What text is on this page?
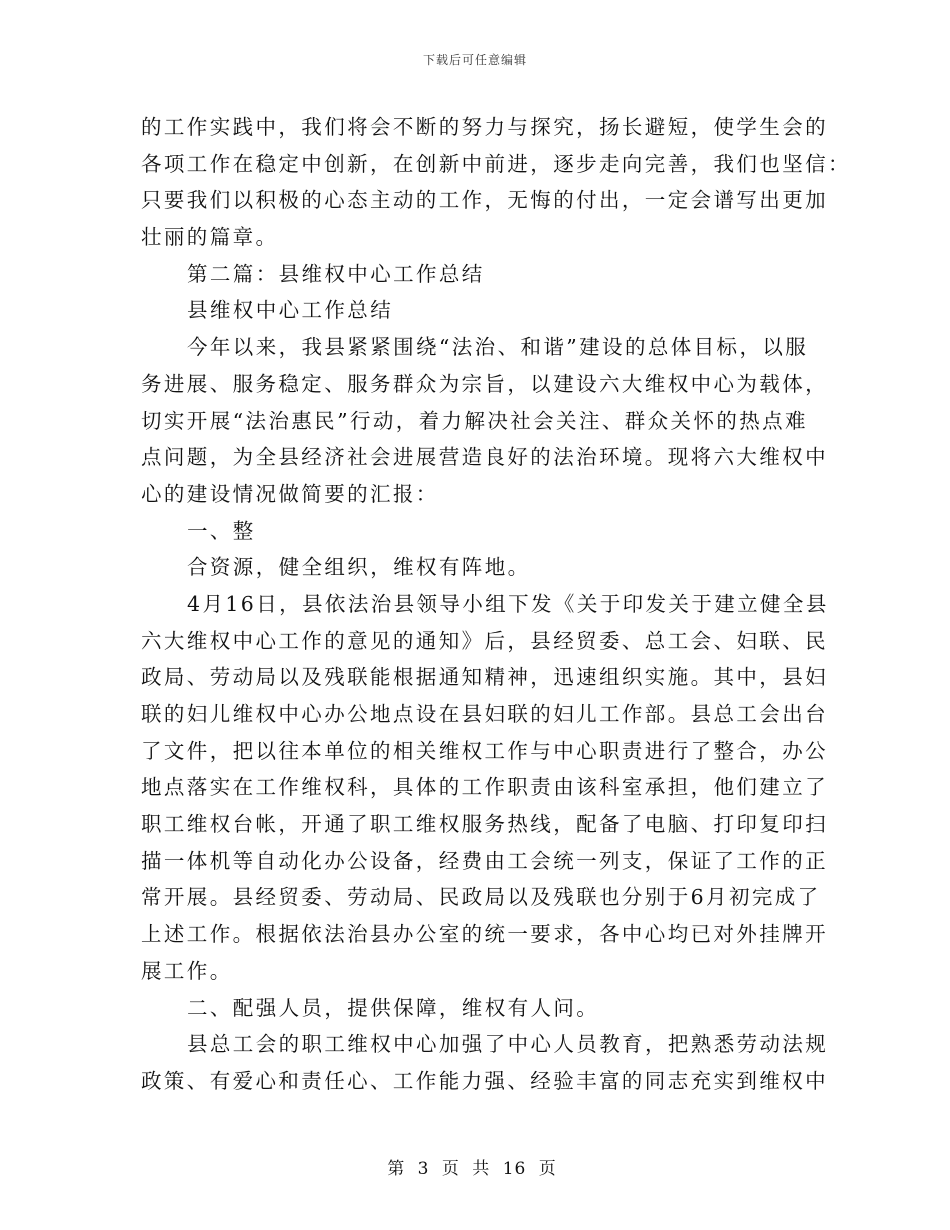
下载后可任意编辑
的工作实践中，我们将会不断的努力与探究，扬长避短，使学生会的
各项工作在稳定中创新，在创新中前进，逐步走向完善，我们也坚信：
只要我们以积极的心态主动的工作，无悔的付出，一定会谱写出更加
壮丽的篇章。
第二篇：县维权中心工作总结
县维权中心工作总结
今年以来，我县紧紧围绕“法治、和谐”建设的总体目标，以服
务进展、服务稳定、服务群众为宗旨，以建设六大维权中心为载体，
切实开展“法治惠民”行动，着力解决社会关注、群众关怀的热点难
点问题，为全县经济社会进展营造良好的法治环境。现将六大维权中
心的建设情况做简要的汇报：
一、整
合资源，健全组织，维权有阵地。
4月16日，县依法治县领导小组下发《关于印发关于建立健全县
六大维权中心工作的意见的通知》后，县经贸委、总工会、妇联、民
政局、劳动局以及残联能根据通知精神，迅速组织实施。其中，县妇
联的妇儿维权中心办公地点设在县妇联的妇儿工作部。县总工会出台
了文件，把以往本单位的相关维权工作与中心职责进行了整合，办公
地点落实在工作维权科，具体的工作职责由该科室承担，他们建立了
职工维权台帐，开通了职工维权服务热线，配备了电脑、打印复印扫
描一体机等自动化办公设备，经费由工会统一列支，保证了工作的正
常开展。县经贸委、劳动局、民政局以及残联也分别于6月初完成了
上述工作。根据依法治县办公室的统一要求，各中心均已对外挂牌开
展工作。
二、配强人员，提供保障，维权有人问。
县总工会的职工维权中心加强了中心人员教育，把熟悉劳动法规
政策、有爱心和责任心、工作能力强、经验丰富的同志充实到维权中
第 3 页 共 16 页
